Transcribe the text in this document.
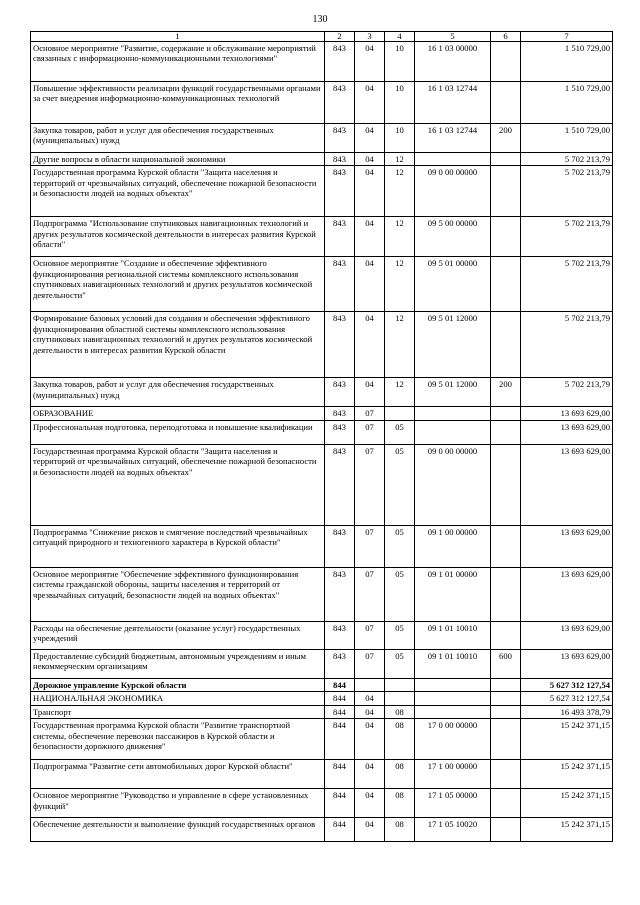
130
1	2	3	4	5	6	7
Основное мероприятие "Развитие, содержание и обслуживание мероприятий связанных с информационно-коммуникационными технологиями"	843	04	10	16 1 03 00000		1 510 729,00
Повышение эффективности реализации функций государственными органами за счет внедрения информационно-коммуникационных технологий	843	04	10	16 1 03 12744		1 510 729,00
Закупка товаров, работ и услуг для обеспечения государственных (муниципальных) нужд	843	04	10	16 1 03 12744	200	1 510 729,00
Другие вопросы в области национальной экономики	843	04	12			5 702 213,79
Государственная программа Курской области "Защита населения и территорий от чрезвычайных ситуаций, обеспечение пожарной безопасности и безопасности людей на водных объектах"	843	04	12	09 0 00 00000		5 702 213,79
Подпрограмма "Использование спутниковых навигационных технологий и других результатов космической деятельности в интересах развития Курской области"	843	04	12	09 5 00 00000		5 702 213,79
Основное мероприятие "Создание и обеспечение эффективного функционирования региональной системы комплексного использования спутниковых навигационных технологий и других результатов космической деятельности"	843	04	12	09 5 01 00000		5 702 213,79
Формирование базовых условий для создания и обеспечения эффективного функционирования областной системы комплексного использования спутниковых навигационных технологий и других результатов космической деятельности в интересах развития Курской области	843	04	12	09 5 01 12000		5 702 213,79
Закупка товаров, работ и услуг для обеспечения государственных (муниципальных) нужд	843	04	12	09 5 01 12000	200	5 702 213,79
ОБРАЗОВАНИЕ	843	07				13 693 629,00
Профессиональная подготовка, переподготовка и повышение квалификации	843	07	05			13 693 629,00
Государственная программа Курской области "Защита населения и территорий от чрезвычайных ситуаций, обеспечение пожарной безопасности и безопасности людей на водных объектах"	843	07	05	09 0 00 00000		13 693 629,00
Подпрограмма "Снижение рисков и смягчение последствий чрезвычайных ситуаций природного и техногенного характера в Курской области"	843	07	05	09 1 00 00000		13 693 629,00
Основное мероприятие "Обеспечение эффективного функционирования системы гражданской обороны, защиты населения и территорий от чрезвычайных ситуаций, безопасности людей на водных объектах"	843	07	05	09 1 01 00000		13 693 629,00
Расходы на обеспечение деятельности (оказание услуг) государственных учреждений	843	07	05	09 1 01 10010		13 693 629,00
Предоставление субсидий бюджетным, автономным учреждениям и иным некоммерческим организациям	843	07	05	09 1 01 10010	600	13 693 629,00
Дорожное управление Курской области	844					5 627 312 127,54
НАЦИОНАЛЬНАЯ ЭКОНОМИКА	844	04				5 627 312 127,54
Транспорт	844	04	08			16 493 378,79
Государственная программа Курской области "Развитие транспортной системы, обеспечение перевозки пассажиров в Курской области и безопасности дорожного движения"	844	04	08	17 0 00 00000		15 242 371,15
Подпрограмма "Развитие сети автомобильных дорог Курской области"	844	04	08	17 1 00 00000		15 242 371,15
Основное мероприятие "Руководство и управление в сфере установленных функций"	844	04	08	17 1 05 00000		15 242 371,15
Обеспечение деятельности и выполнение функций государственных органов	844	04	08	17 1 05 10020		15 242 371,15
